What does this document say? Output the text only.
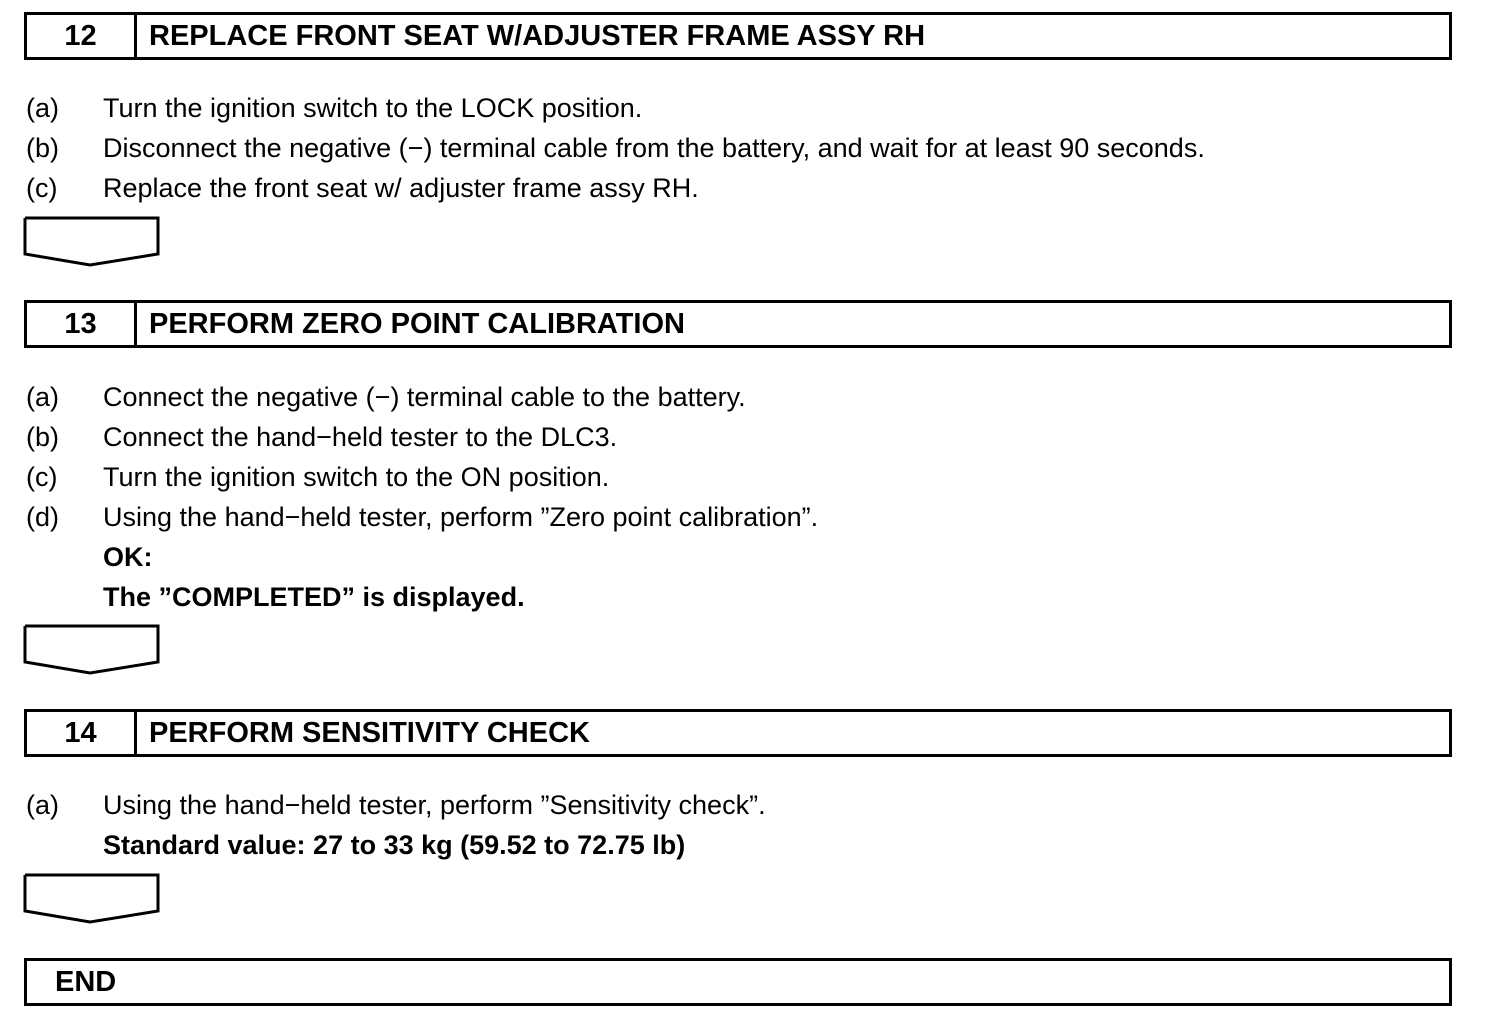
12	REPLACE FRONT SEAT W/ADJUSTER FRAME ASSY RH
(a) Turn the ignition switch to the LOCK position.
(b) Disconnect the negative (−) terminal cable from the battery, and wait for at least 90 seconds.
(c) Replace the front seat w/ adjuster frame assy RH.
13	PERFORM ZERO POINT CALIBRATION
(a) Connect the negative (−) terminal cable to the battery.
(b) Connect the hand−held tester to the DLC3.
(c) Turn the ignition switch to the ON position.
(d) Using the hand−held tester, perform ”Zero point calibration”.
OK:
The ”COMPLETED” is displayed.
14	PERFORM SENSITIVITY CHECK
(a) Using the hand−held tester, perform ”Sensitivity check”.
Standard value: 27 to 33 kg (59.52 to 72.75 lb)
END
